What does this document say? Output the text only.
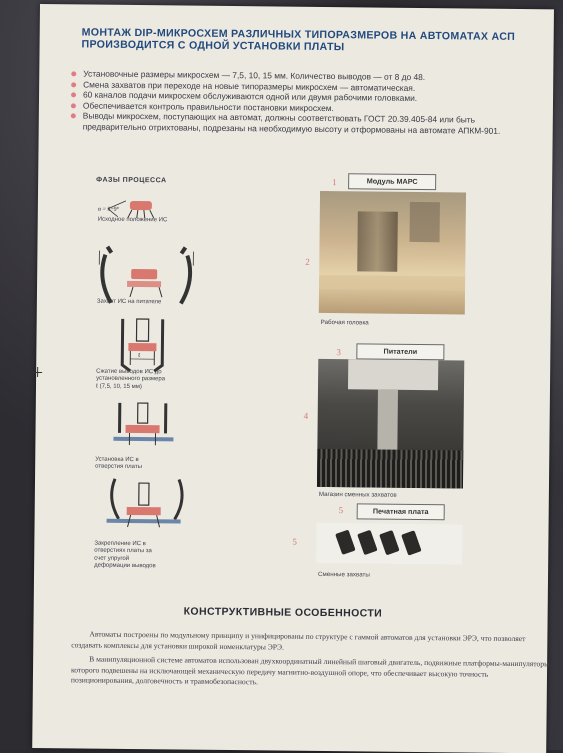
МОНТАЖ DIP-МИКРОСХЕМ РАЗЛИЧНЫХ ТИПОРАЗМЕРОВ НА АВТОМАТАХ АСП ПРОИЗВОДИТСЯ С ОДНОЙ УСТАНОВКИ ПЛАТЫ
Установочные размеры микросхем — 7,5, 10, 15 мм. Количество выводов — от 8 до 48.
Смена захватов при переходе на новые типоразмеры микросхем — автоматическая.
60 каналов подачи микросхем обслуживаются одной или двумя рабочими головками.
Обеспечивается контроль правильности постановки микросхем.
Выводы микросхем, поступающих на автомат, должны соответствовать ГОСТ 20.39.405-84 или быть предварительно отрихтованы, подрезаны на необходимую высоту и отформованы на автомате АПКМ-901.
ФАЗЫ ПРОЦЕССА
α = 5÷9°
ℓ
Исходное положение ИС
Захват ИС на питателе
Сжатие выводов ИС до установленного размера ℓ (7,5, 10, 15 мм)
Установка ИС в отверстия платы
Закрепление ИС в отверстиях платы за счет упругой деформации выводов
1	Модуль МАРС
2
Рабочая головка
3	Питатели
4
Магазин сменных захватов
5	Печатная плата
5
Сменные захваты
КОНСТРУКТИВНЫЕ ОСОБЕННОСТИ

Автоматы построены по модульному принципу и унифицированы по структуре с гаммой автоматов для установки ЭРЭ, что позволяет создавать комплексы для установки широкой номенклатуры ЭРЭ.

В манипуляционной системе автоматов использован двухкоординатный линейный шаговый двигатель, подвижные платформы-манипуляторы которого подвешены на исключающей механическую передачу магнитно-воздушной опоре, что обеспечивает высокую точность позиционирования, долговечность и травмобезопасность.
